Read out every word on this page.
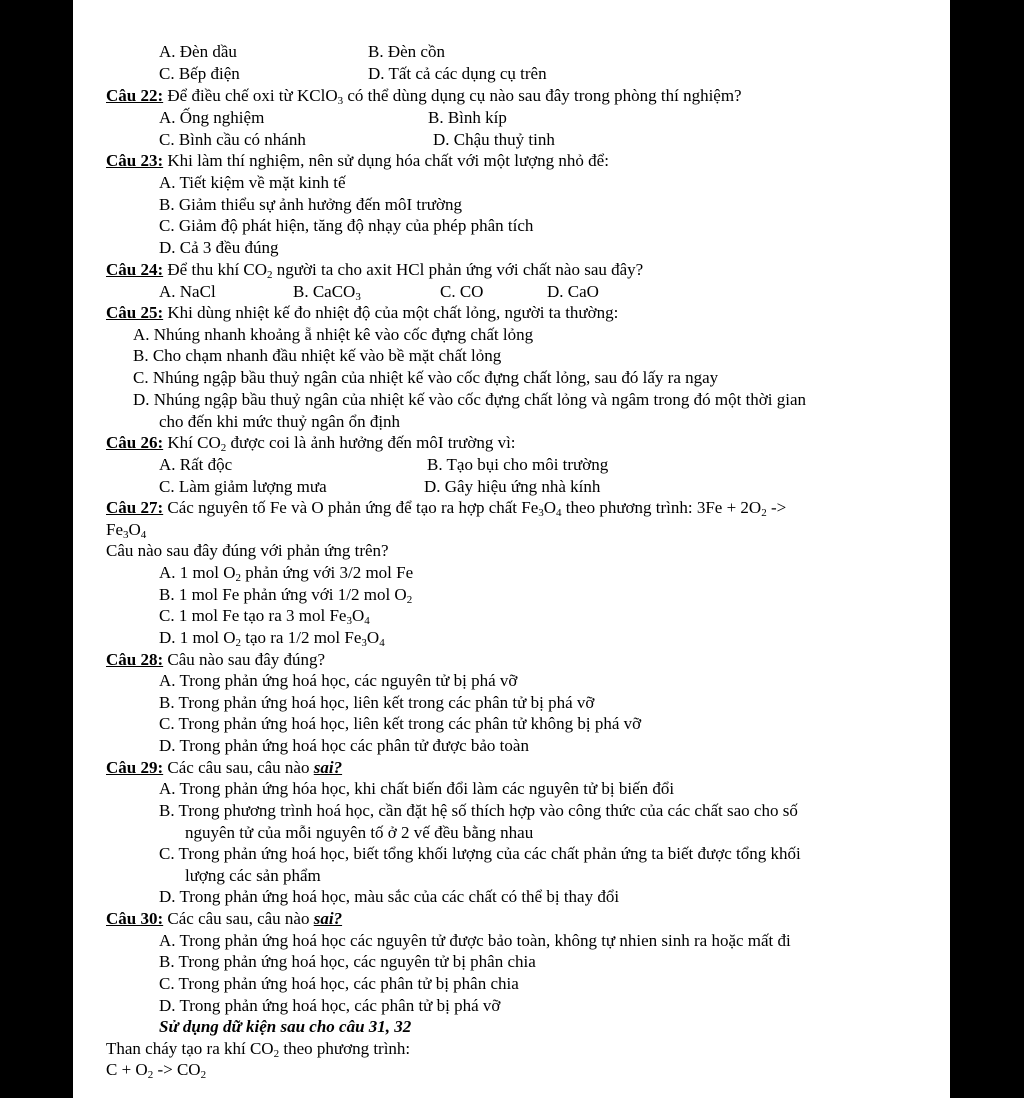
A. Đèn dầu	B. Đèn cồn
C. Bếp điện	D. Tất cả các dụng cụ trên
Câu 22: Để điều chế oxi từ KClO$_3$ có thể dùng dụng cụ nào sau đây trong phòng thí nghiệm?
A. Ống nghiệm	B. Bình kíp
C. Bình cầu có nhánh	D. Chậu thuỷ tinh
Câu 23: Khi làm thí nghiệm, nên sử dụng hóa chất với một lượng nhỏ để:
A. Tiết kiệm về mặt kinh tế
B. Giảm thiểu sự ảnh hưởng đến môI trường
C. Giảm độ phát hiện, tăng độ nhạy của phép phân tích
D. Cả 3 đều đúng
Câu 24: Để thu khí $CO_2$ người ta cho axit HCl phản ứng với chất nào sau đây?
A. NaCl	B. CaCO$_3$	C. CO	D. CaO
Câu 25: Khi dùng nhiệt kế đo nhiệt độ của một chất lỏng, người ta thường:
A. Nhúng nhanh khoảng ẵ nhiệt kê vào cốc đựng chất lỏng
B. Cho chạm nhanh đầu nhiệt kế vào bề mặt chất lỏng
C. Nhúng ngập bầu thuỷ ngân của nhiệt kế vào cốc đựng chất lỏng, sau đó lấy ra ngay
D. Nhúng ngập bầu thuỷ ngân của nhiệt kế vào cốc đựng chất lỏng và ngâm trong đó một thời gian
cho đến khi mức thuỷ ngân ổn định
Câu 26: Khí $CO_2$ được coi là ảnh hưởng đến môI trường vì:
A. Rất độc	B. Tạo bụi cho môi trường
C. Làm giảm lượng mưa	D. Gây hiệu ứng nhà kính
Câu 27: Các nguyên tố Fe và O phản ứng để tạo ra hợp chất $Fe_3O_4$ theo phương trình: $3Fe + 2O_2$ ->
$Fe_3O_4$
Câu nào sau đây đúng với phản ứng trên?
A. 1 mol $O_2$ phản ứng với 3/2 mol Fe
B. 1 mol Fe phản ứng với 1/2 mol $O_2$
C. 1 mol Fe tạo ra 3 mol $Fe_3O_4$
D. 1 mol $O_2$ tạo ra 1/2 mol $Fe_3O_4$
Câu 28: Câu nào sau đây đúng?
A. Trong phản ứng hoá học, các nguyên tử bị phá vỡ
B. Trong phản ứng hoá học, liên kết trong các phân tử bị phá vỡ
C. Trong phản ứng hoá học, liên kết trong các phân tử không bị phá vỡ
D. Trong phản ứng hoá học các phân tử được bảo toàn
Câu 29: Các câu sau, câu nào sai?
A. Trong phản ứng hóa học, khi chất biến đổi làm các nguyên tử bị biến đổi
B. Trong phương trình hoá học, cần đặt hệ số thích hợp vào công thức của các chất sao cho số
nguyên tử của mỗi nguyên tố ở 2 vế đều bằng nhau
C. Trong phản ứng hoá học, biết tổng khối lượng của các chất phản ứng ta biết được tổng khối
lượng các sản phẩm
D. Trong phản ứng hoá học, màu sắc của các chất có thể bị thay đổi
Câu 30: Các câu sau, câu nào sai?
A. Trong phản ứng hoá học các nguyên tử được bảo toàn, không tự nhien sinh ra hoặc mất đi
B. Trong phản ứng hoá học, các nguyên tử bị phân chia
C. Trong phản ứng hoá học, các phân tử bị phân chia
D. Trong phản ứng hoá học, các phân tử bị phá vỡ
Sử dụng dữ kiện sau cho câu 31, 32
Than cháy tạo ra khí $CO_2$ theo phương trình:
$C + O_2 -> CO_2$
